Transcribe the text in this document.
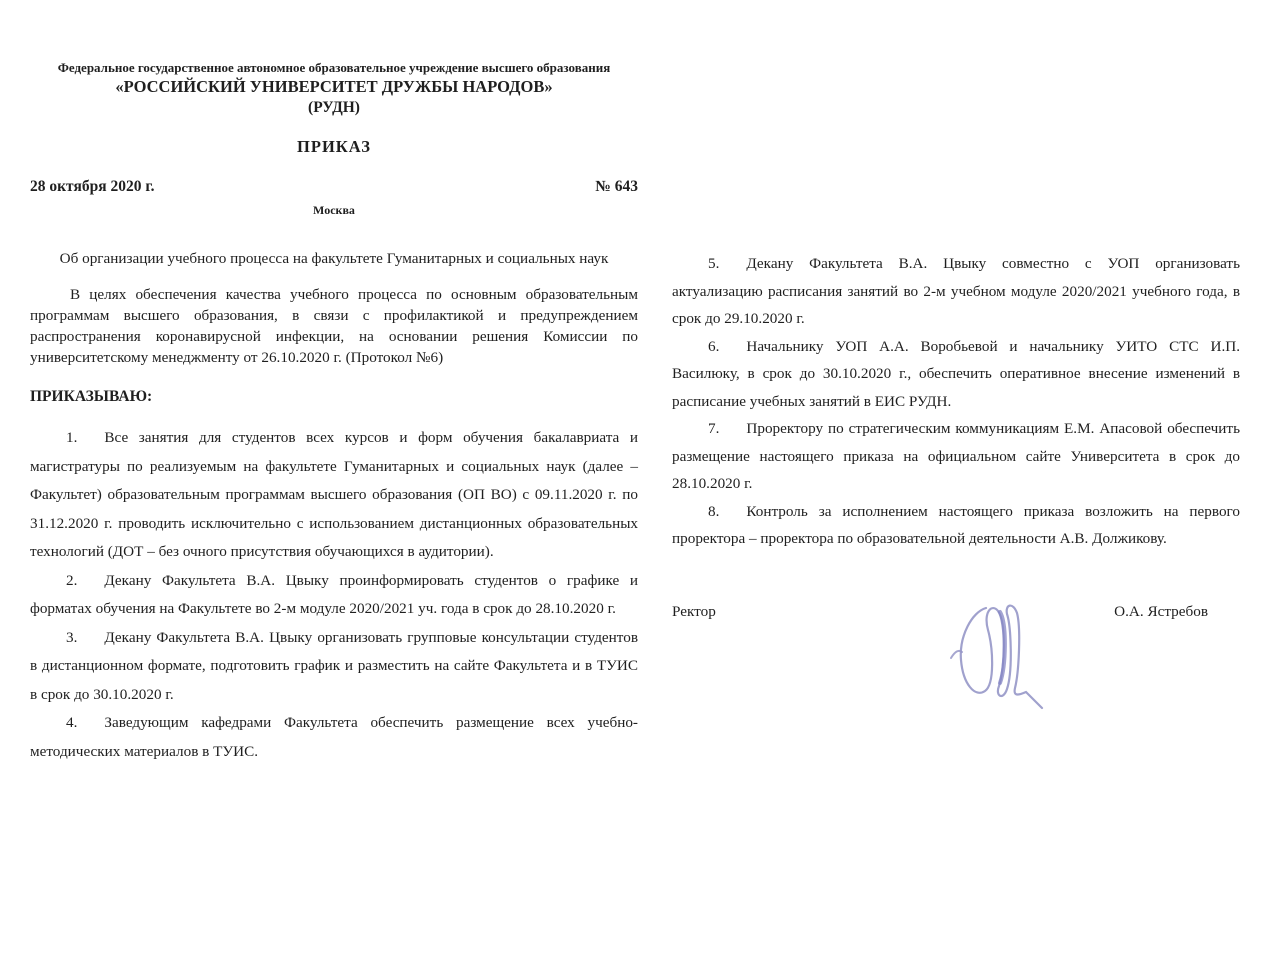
Федеральное государственное автономное образовательное учреждение высшего образования
«РОССИЙСКИЙ УНИВЕРСИТЕТ ДРУЖБЫ НАРОДОВ»
(РУДН)
ПРИКАЗ
28 октября 2020 г.	№ 643
Москва
Об организации учебного процесса на факультете Гуманитарных и социальных наук

В целях обеспечения качества учебного процесса по основным образовательным программам высшего образования, в связи с профилактикой и предупреждением распространения коронавирусной инфекции, на основании решения Комиссии по университетскому менеджменту от 26.10.2020 г. (Протокол №6)

ПРИКАЗЫВАЮ:

1. Все занятия для студентов всех курсов и форм обучения бакалавриата и магистратуры по реализуемым на факультете Гуманитарных и социальных наук (далее – Факультет) образовательным программам высшего образования (ОП ВО) с 09.11.2020 г. по 31.12.2020 г. проводить исключительно с использованием дистанционных образовательных технологий (ДОТ – без очного присутствия обучающихся в аудитории).

2. Декану Факультета В.А. Цвыку проинформировать студентов о графике и форматах обучения на Факультете во 2-м модуле 2020/2021 уч. года в срок до 28.10.2020 г.

3. Декану Факультета В.А. Цвыку организовать групповые консультации студентов в дистанционном формате, подготовить график и разместить на сайте Факультета и в ТУИС в срок до 30.10.2020 г.

4. Заведующим кафедрами Факультета обеспечить размещение всех учебно-методических материалов в ТУИС.

5. Декану Факультета В.А. Цвыку совместно с УОП организовать актуализацию расписания занятий во 2-м учебном модуле 2020/2021 учебного года, в срок до 29.10.2020 г.

6. Начальнику УОП А.А. Воробьевой и начальнику УИТО СТС И.П. Василюку, в срок до 30.10.2020 г., обеспечить оперативное внесение изменений в расписание учебных занятий в ЕИС РУДН.

7. Проректору по стратегическим коммуникациям Е.М. Апасовой обеспечить размещение настоящего приказа на официальном сайте Университета в срок до 28.10.2020 г.

8. Контроль за исполнением настоящего приказа возложить на первого проректора – проректора по образовательной деятельности А.В. Должикову.

Ректор	О.А. Ястребов
